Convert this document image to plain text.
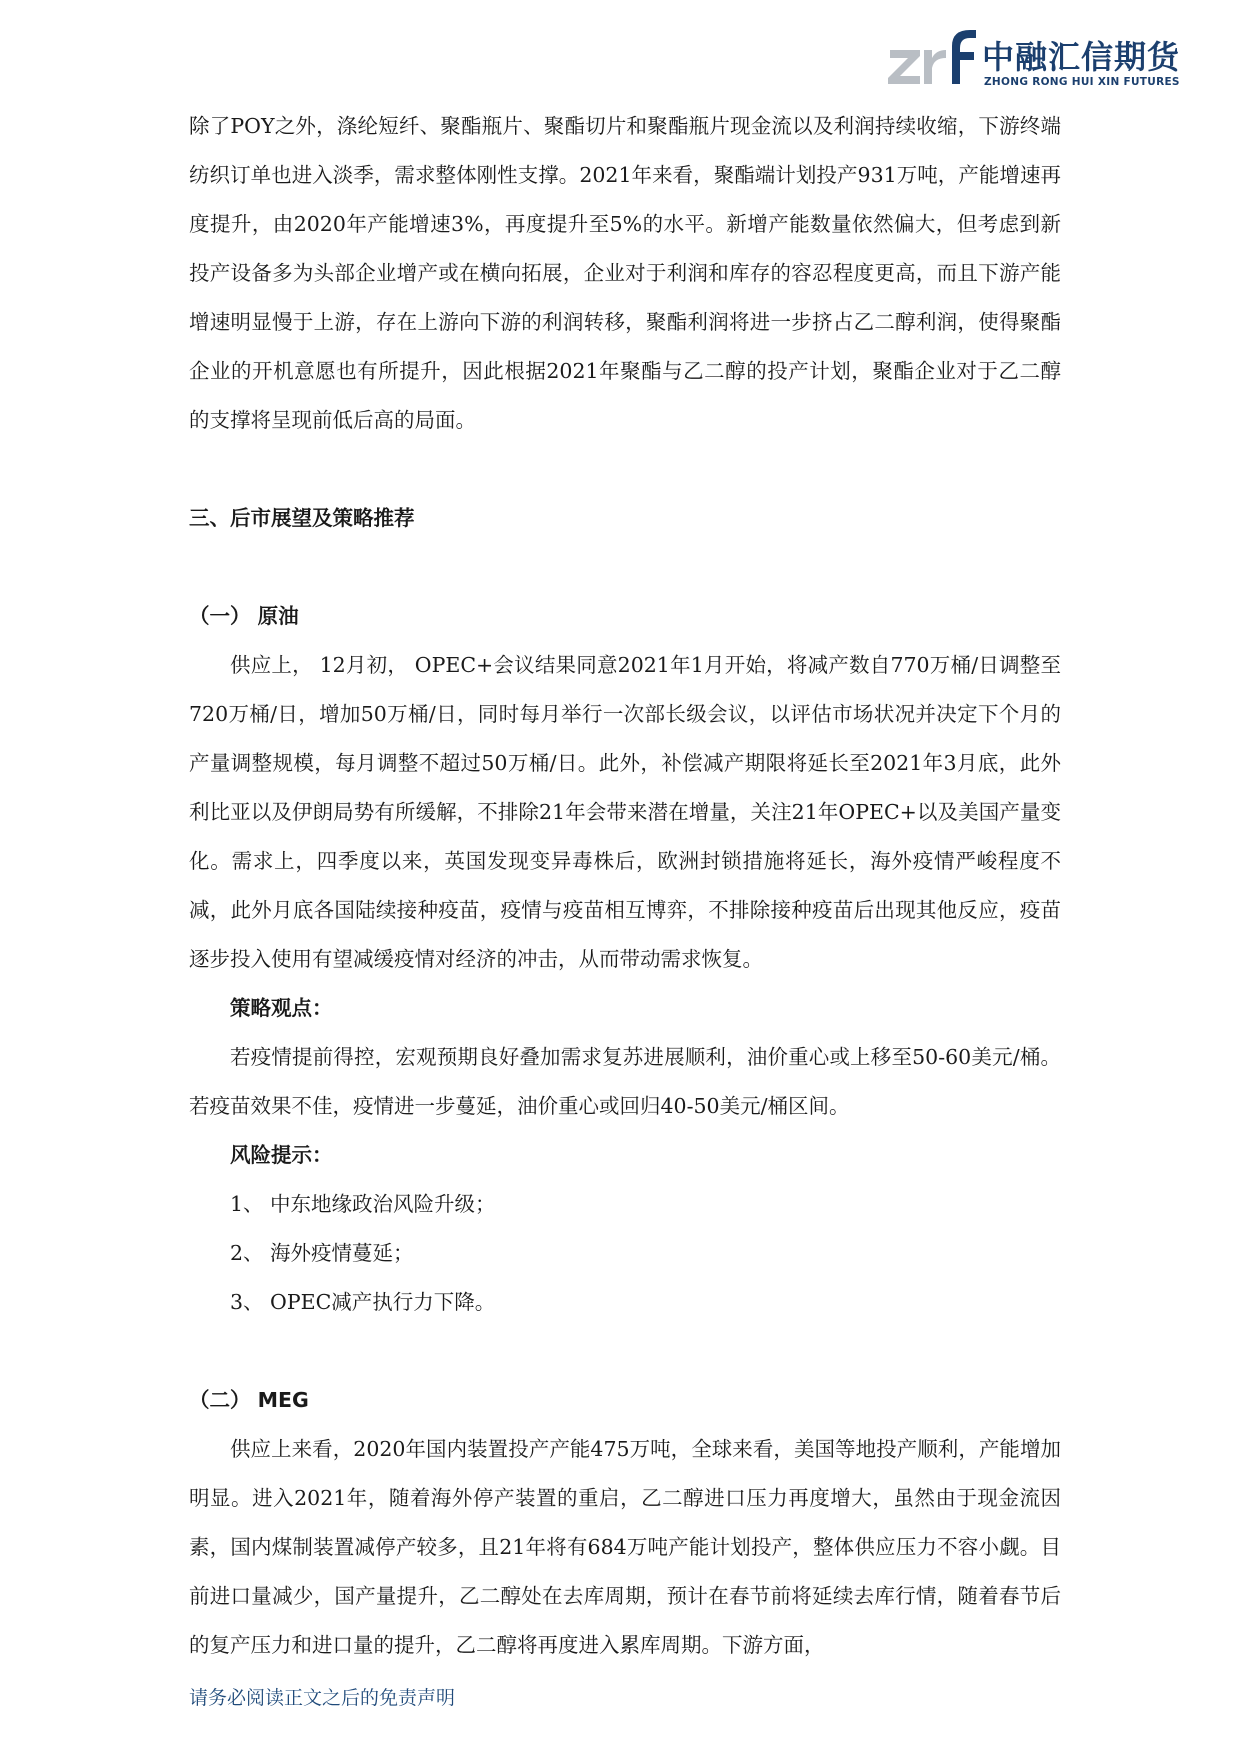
中融汇信期货
ZHONG RONG HUI XIN FUTURES

除了POY之外，涤纶短纤、聚酯瓶片、聚酯切片和聚酯瓶片现金流以及利润持续收缩，下游终端纺织订单也进入淡季，需求整体刚性支撑。2021年来看，聚酯端计划投产931万吨，产能增速再度提升，由2020年产能增速3%，再度提升至5%的水平。新增产能数量依然偏大，但考虑到新投产设备多为头部企业增产或在横向拓展，企业对于利润和库存的容忍程度更高，而且下游产能增速明显慢于上游，存在上游向下游的利润转移，聚酯利润将进一步挤占乙二醇利润，使得聚酯企业的开机意愿也有所提升，因此根据2021年聚酯与乙二醇的投产计划，聚酯企业对于乙二醇的支撑将呈现前低后高的局面。

三、后市展望及策略推荐
（一） 原油

供应上， 12月初， OPEC+会议结果同意2021年1月开始，将减产数自770万桶/日调整至720万桶/日，增加50万桶/日，同时每月举行一次部长级会议，以评估市场状况并决定下个月的产量调整规模，每月调整不超过50万桶/日。此外，补偿减产期限将延长至2021年3月底，此外利比亚以及伊朗局势有所缓解，不排除21年会带来潜在增量，关注21年OPEC+以及美国产量变化。需求上，四季度以来，英国发现变异毒株后，欧洲封锁措施将延长，海外疫情严峻程度不减，此外月底各国陆续接种疫苗，疫情与疫苗相互博弈，不排除接种疫苗后出现其他反应，疫苗逐步投入使用有望减缓疫情对经济的冲击，从而带动需求恢复。

策略观点：

若疫情提前得控，宏观预期良好叠加需求复苏进展顺利，油价重心或上移至50-60美元/桶。若疫苗效果不佳，疫情进一步蔓延，油价重心或回归40-50美元/桶区间。

风险提示：

1、 中东地缘政治风险升级；

2、 海外疫情蔓延；

3、 OPEC减产执行力下降。

（二） MEG

供应上来看，2020年国内装置投产产能475万吨，全球来看，美国等地投产顺利，产能增加明显。进入2021年，随着海外停产装置的重启，乙二醇进口压力再度增大，虽然由于现金流因素，国内煤制装置减停产较多，且21年将有684万吨产能计划投产，整体供应压力不容小觑。目前进口量减少，国产量提升，乙二醇处在去库周期，预计在春节前将延续去库行情，随着春节后的复产压力和进口量的提升，乙二醇将再度进入累库周期。下游方面，

请务必阅读正文之后的免责声明
